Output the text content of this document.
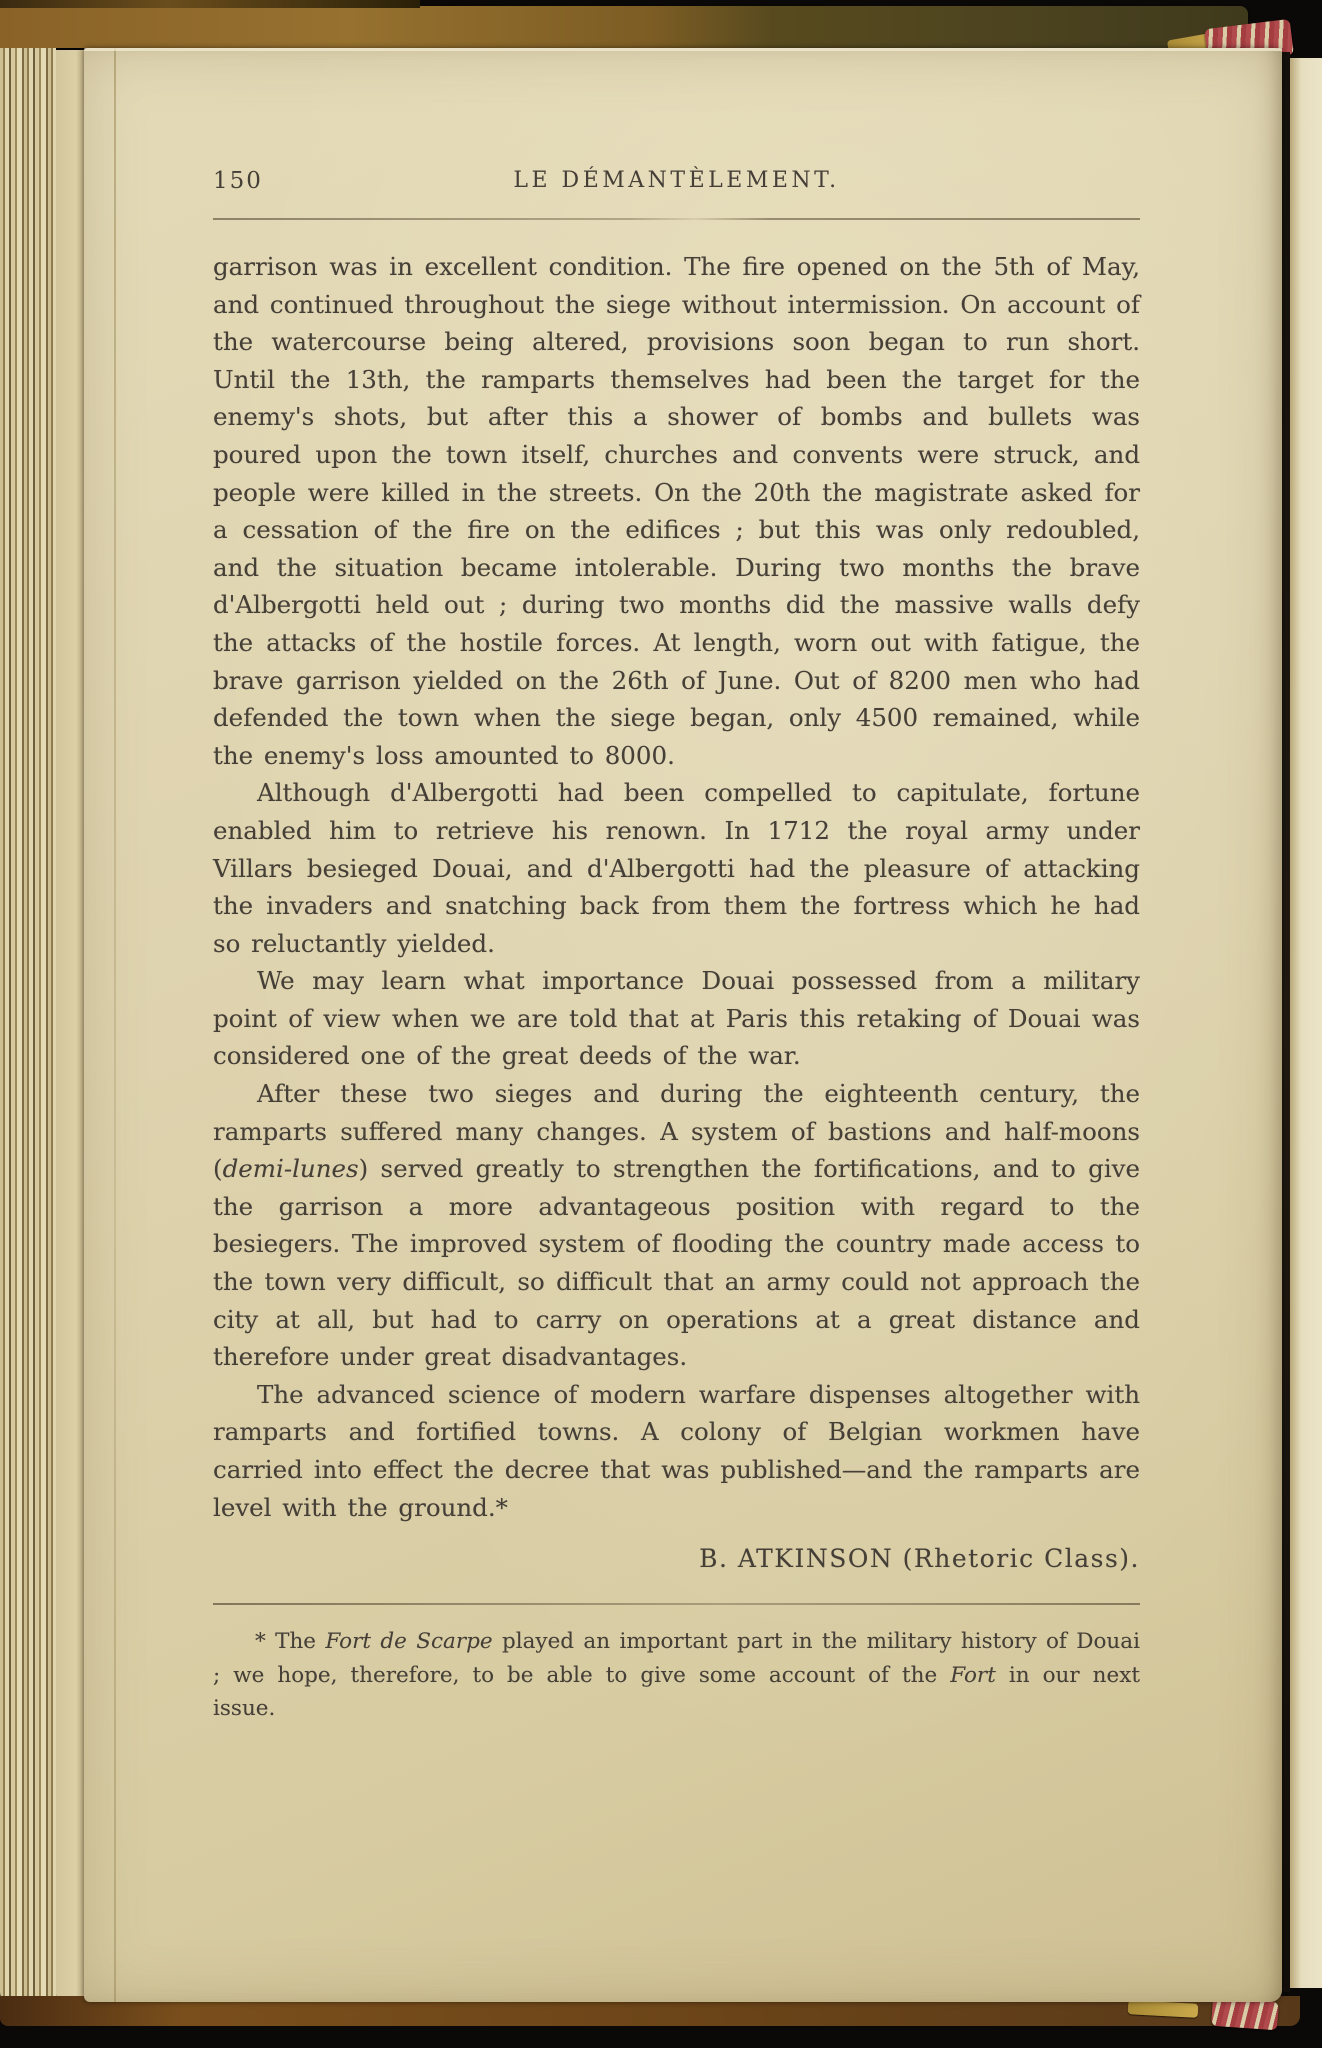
150	LE DÉMANTÈLEMENT.
garrison was in excellent condition. The fire opened on the 5th of May, and continued throughout the siege without intermission. On account of the watercourse being altered, provisions soon began to run short. Until the 13th, the ramparts themselves had been the target for the enemy's shots, but after this a shower of bombs and bullets was poured upon the town itself, churches and convents were struck, and people were killed in the streets. On the 20th the magistrate asked for a cessation of the fire on the edifices ; but this was only redoubled, and the situation became intolerable. During two months the brave d'Albergotti held out ; during two months did the massive walls defy the attacks of the hostile forces. At length, worn out with fatigue, the brave garrison yielded on the 26th of June. Out of 8200 men who had defended the town when the siege began, only 4500 remained, while the enemy's loss amounted to 8000.
Although d'Albergotti had been compelled to capitulate, fortune enabled him to retrieve his renown. In 1712 the royal army under Villars besieged Douai, and d'Albergotti had the pleasure of attacking the invaders and snatching back from them the fortress which he had so reluctantly yielded.
We may learn what importance Douai possessed from a military point of view when we are told that at Paris this retaking of Douai was considered one of the great deeds of the war.
After these two sieges and during the eighteenth century, the ramparts suffered many changes. A system of bastions and half-moons (demi-lunes) served greatly to strengthen the fortifications, and to give the garrison a more advantageous position with regard to the besiegers. The improved system of flooding the country made access to the town very difficult, so difficult that an army could not approach the city at all, but had to carry on operations at a great distance and therefore under great disadvantages.
The advanced science of modern warfare dispenses altogether with ramparts and fortified towns. A colony of Belgian workmen have carried into effect the decree that was published—and the ramparts are level with the ground.*
B. ATKINSON (Rhetoric Class).
* The Fort de Scarpe played an important part in the military history of Douai ; we hope, therefore, to be able to give some account of the Fort in our next issue.
